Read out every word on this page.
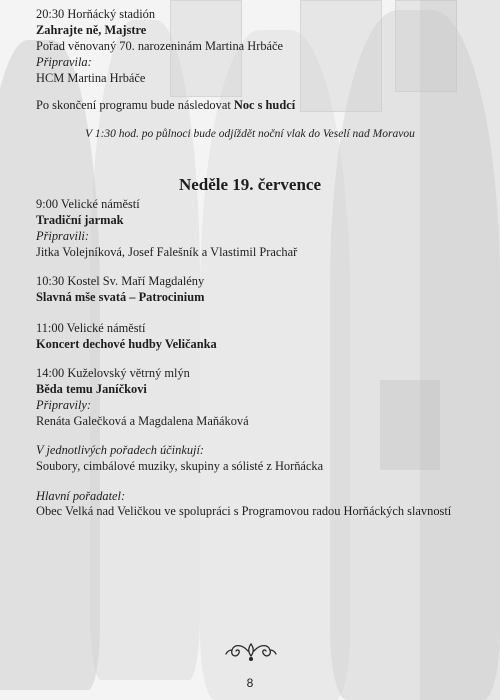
20:30 Horňácký stadión
Zahrajte ně, Majstre
Pořad věnovaný 70. narozeninám Martina Hrbáče
Připravila:
HCM Martina Hrbáče
Po skončení programu bude následovat Noc s hudcí
V 1:30 hod. po půlnoci bude odjíždět noční vlak do Veselí nad Moravou
Neděle 19. července
9:00 Velické náměstí
Tradiční jarmak
Připravili:
Jitka Volejníková, Josef Falešník a Vlastimil Prachař
10:30 Kostel Sv. Maří Magdalény
Slavná mše svatá – Patrocinium
11:00 Velické náměstí
Koncert dechové hudby Veličanka
14:00 Kuželovský větrný mlýn
Běda temu Janíčkovi
Připravily:
Renáta Galečková a Magdalena Maňáková
V jednotlivých pořadech účinkují:
Soubory, cimbálové muziky, skupiny a sólisté z Horňácka
Hlavní pořadatel:
Obec Velká nad Veličkou ve spolupráci s Programovou radou Horňáckých slavností
8
